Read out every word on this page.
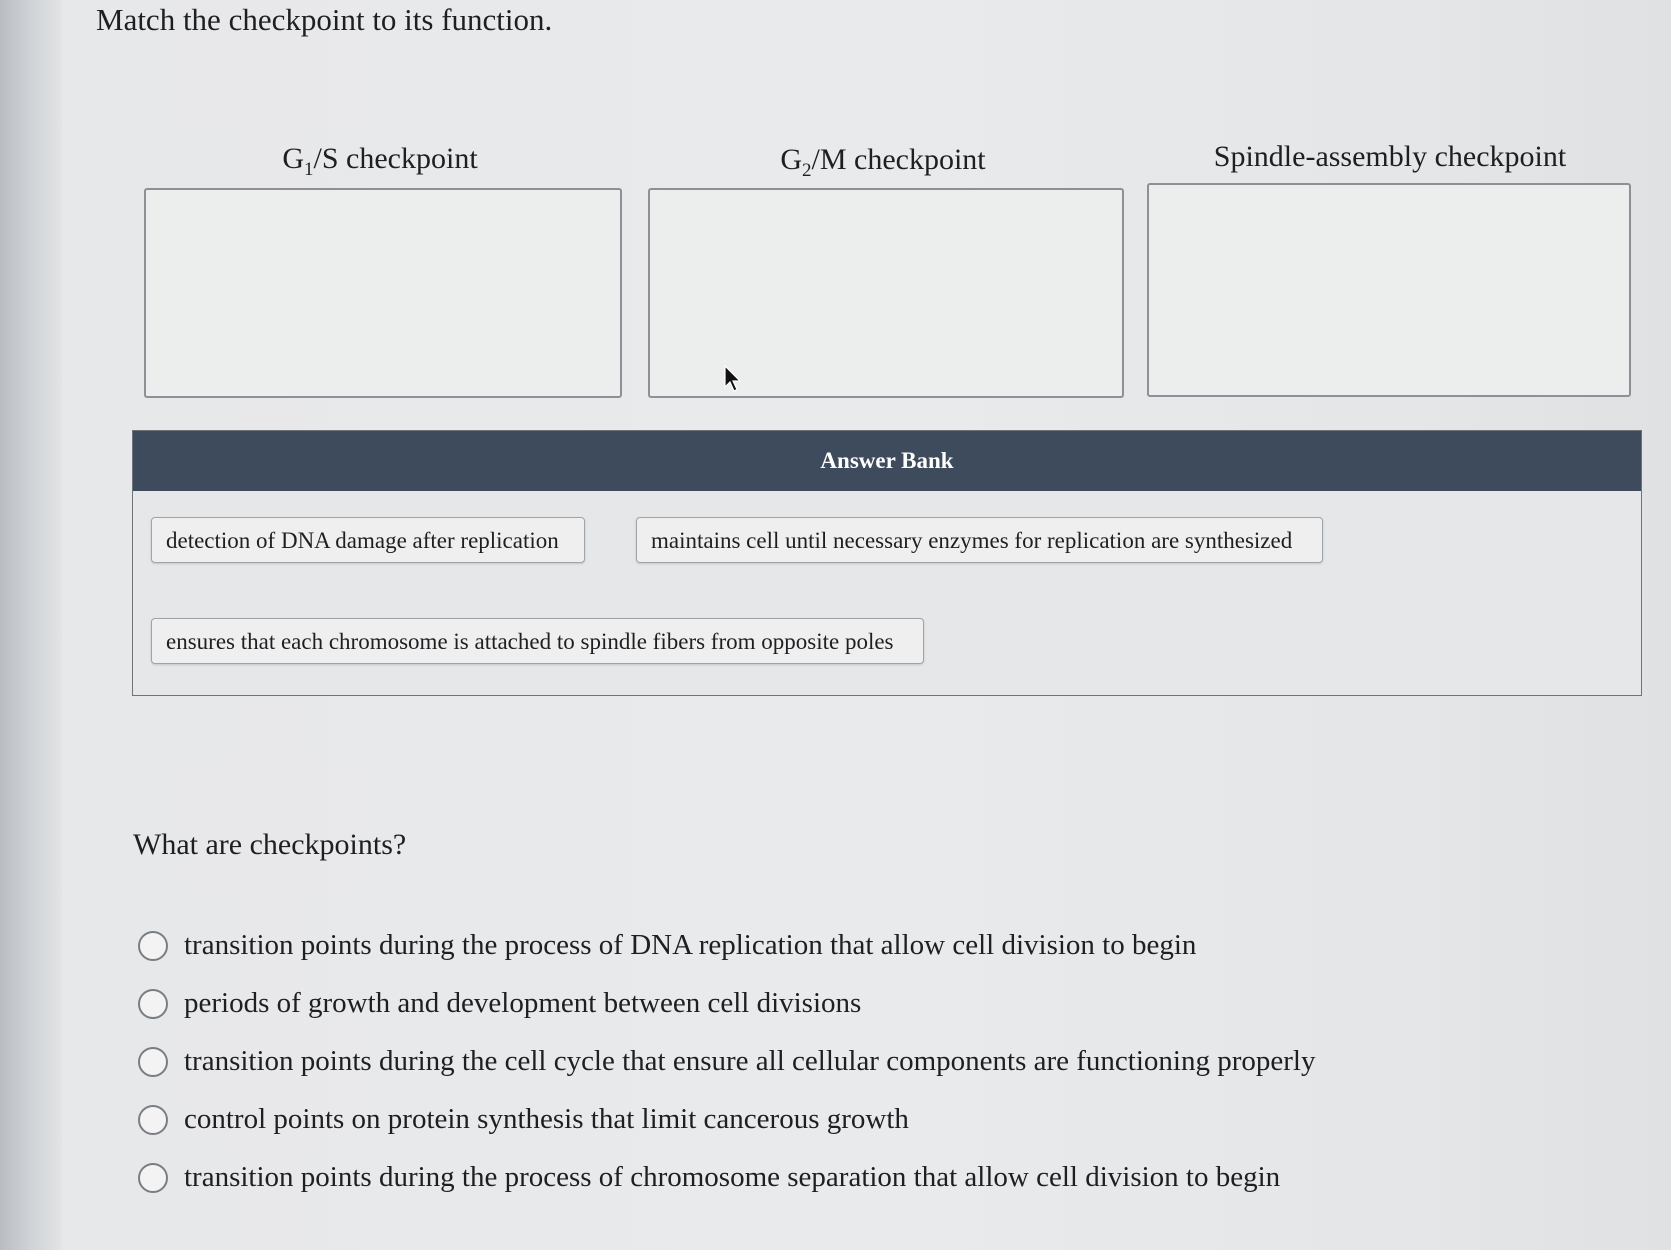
Match the checkpoint to its function.
$G_1/S$ checkpoint	$G_2/M$ checkpoint	Spindle-assembly checkpoint
Answer Bank
detection of DNA damage after replication	maintains cell until necessary enzymes for replication are synthesized
ensures that each chromosome is attached to spindle fibers from opposite poles
What are checkpoints?
transition points during the process of DNA replication that allow cell division to begin
periods of growth and development between cell divisions
transition points during the cell cycle that ensure all cellular components are functioning properly
control points on protein synthesis that limit cancerous growth
transition points during the process of chromosome separation that allow cell division to begin
